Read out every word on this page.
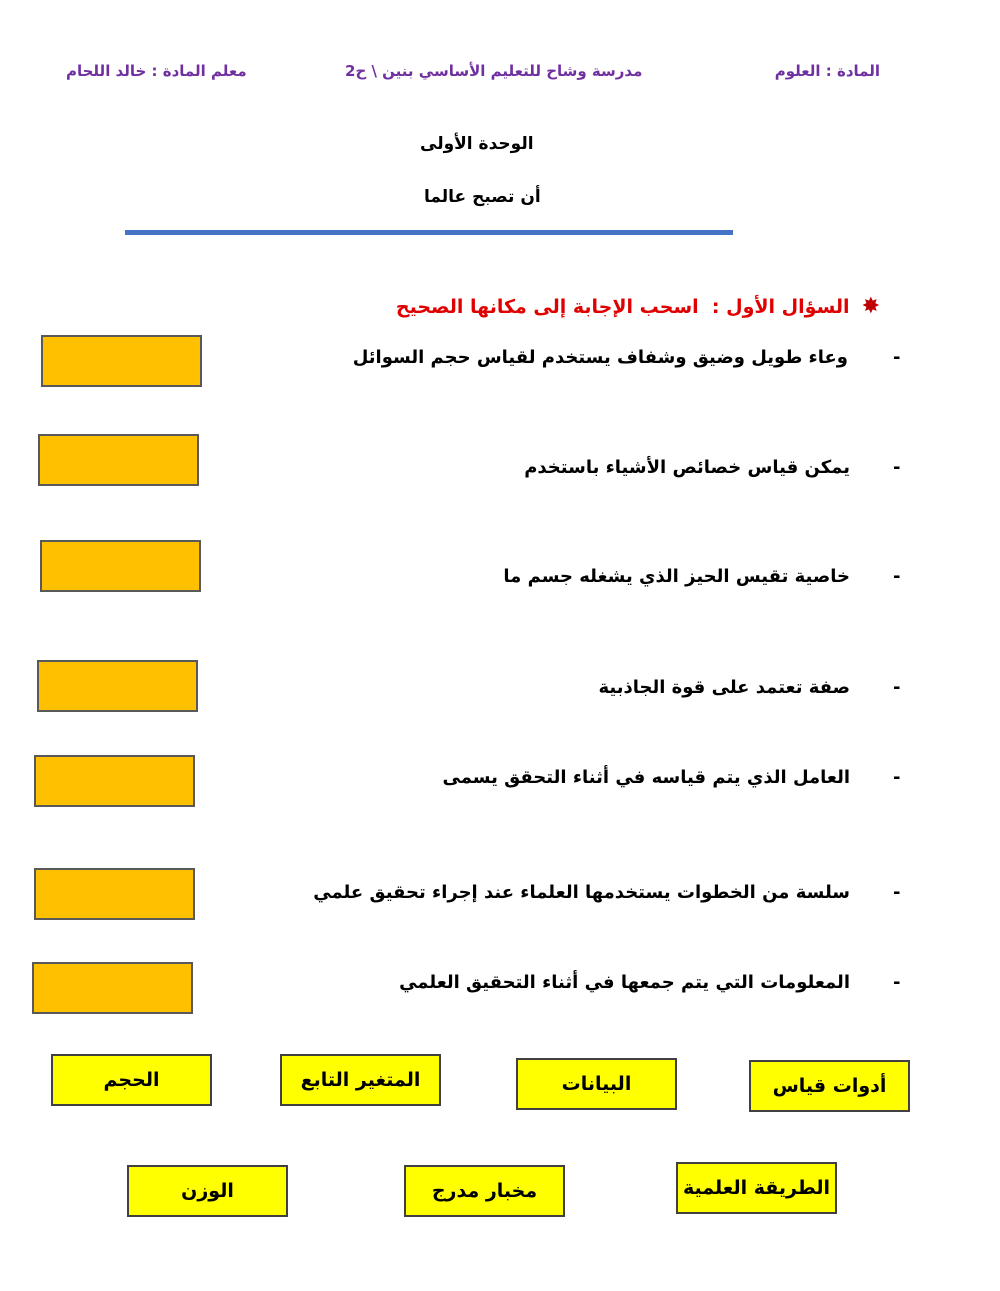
المادة : العلوم
مدرسة وشاح للتعليم الأساسي بنين \ ح2
معلم المادة : خالد اللحام
الوحدة الأولى
أن تصبح عالما
✸
السؤال الأول :  اسحب الإجابة إلى مكانها الصحيح
وعاء طويل وضيق وشفاف يستخدم لقياس حجم السوائل	-
يمكن قياس خصائص الأشياء باستخدم -
خاصية تقيس الحيز الذي يشغله جسم ما -
صفة تعتمد على قوة الجاذبية -
العامل الذي يتم قياسه في أثناء التحقق يسمى -
سلسة من الخطوات يستخدمها العلماء عند إجراء تحقيق علمي -
المعلومات التي يتم جمعها في أثناء التحقيق العلمي -
أدوات قياس
البيانات
المتغير التابع
الحجم
الطريقة العلمية
مخبار مدرج
الوزن
